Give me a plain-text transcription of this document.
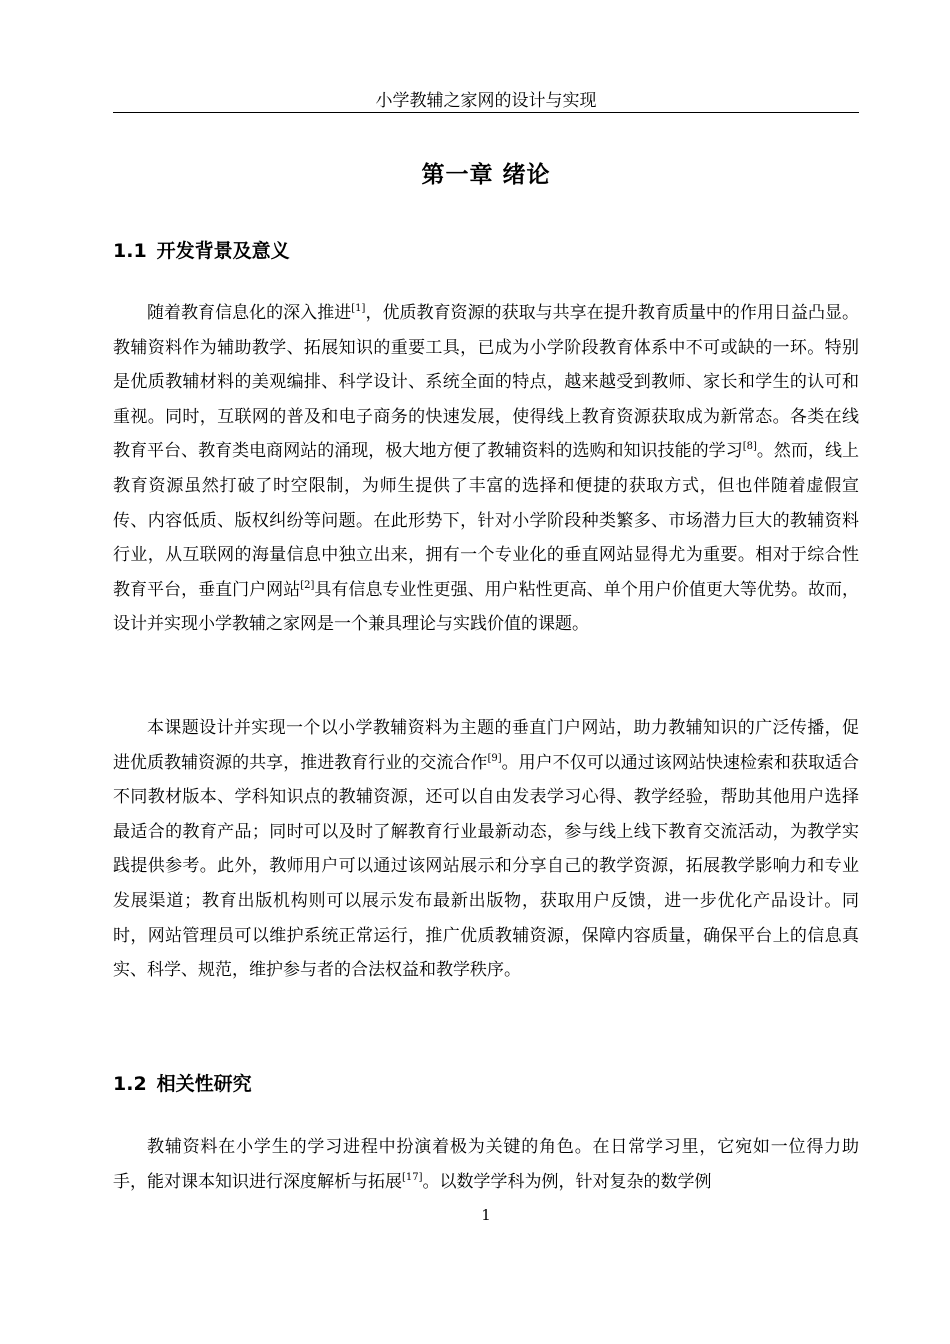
小学教辅之家网的设计与实现
第一章 绪论
1.1 开发背景及意义

随着教育信息化的深入推进[1]，优质教育资源的获取与共享在提升教育质量中的作用日益凸显。教辅资料作为辅助教学、拓展知识的重要工具，已成为小学阶段教育体系中不可或缺的一环。特别是优质教辅材料的美观编排、科学设计、系统全面的特点，越来越受到教师、家长和学生的认可和重视。同时，互联网的普及和电子商务的快速发展，使得线上教育资源获取成为新常态。各类在线教育平台、教育类电商网站的涌现，极大地方便了教辅资料的选购和知识技能的学习[8]。然而，线上教育资源虽然打破了时空限制，为师生提供了丰富的选择和便捷的获取方式，但也伴随着虚假宣传、内容低质、版权纠纷等问题。在此形势下，针对小学阶段种类繁多、市场潜力巨大的教辅资料行业，从互联网的海量信息中独立出来，拥有一个专业化的垂直网站显得尤为重要。相对于综合性教育平台，垂直门户网站[2]具有信息专业性更强、用户粘性更高、单个用户价值更大等优势。故而，设计并实现小学教辅之家网是一个兼具理论与实践价值的课题。

本课题设计并实现一个以小学教辅资料为主题的垂直门户网站，助力教辅知识的广泛传播，促进优质教辅资源的共享，推进教育行业的交流合作[9]。用户不仅可以通过该网站快速检索和获取适合不同教材版本、学科知识点的教辅资源，还可以自由发表学习心得、教学经验，帮助其他用户选择最适合的教育产品；同时可以及时了解教育行业最新动态，参与线上线下教育交流活动，为教学实践提供参考。此外，教师用户可以通过该网站展示和分享自己的教学资源，拓展教学影响力和专业发展渠道；教育出版机构则可以展示发布最新出版物，获取用户反馈，进一步优化产品设计。同时，网站管理员可以维护系统正常运行，推广优质教辅资源，保障内容质量，确保平台上的信息真实、科学、规范，维护参与者的合法权益和教学秩序。

1.2 相关性研究

教辅资料在小学生的学习进程中扮演着极为关键的角色。在日常学习里，它宛如一位得力助手，能对课本知识进行深度解析与拓展[17]。以数学学科为例，针对复杂的数学例

1
